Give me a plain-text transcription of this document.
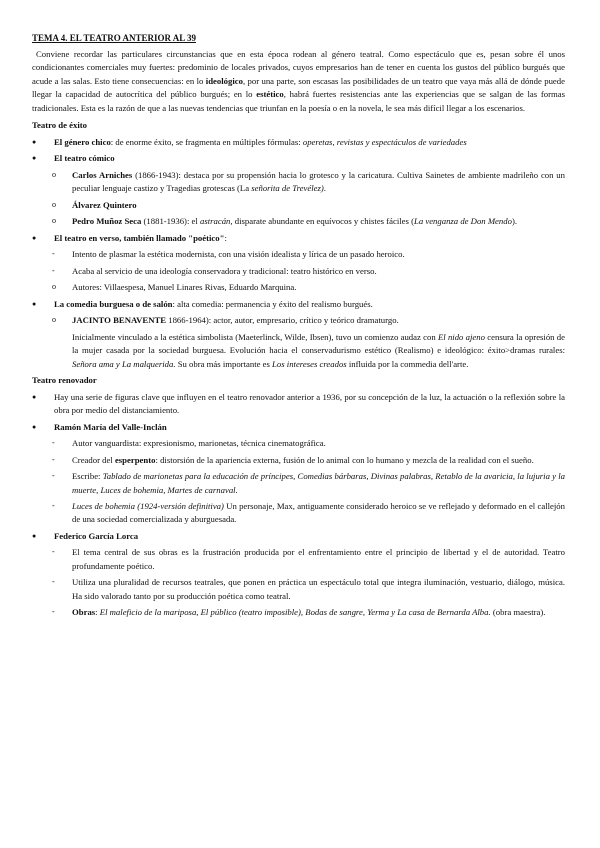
TEMA 4. EL TEATRO ANTERIOR AL 39

Conviene recordar las particulares circunstancias que en esta época rodean al género teatral. Como espectáculo que es, pesan sobre él unos condicionantes comerciales muy fuertes: predominio de locales privados, cuyos empresarios han de tener en cuenta los gustos del público burgués que acude a las salas. Esto tiene consecuencias: en lo ideológico, por una parte, son escasas las posibilidades de un teatro que vaya más allá de dónde puede llegar la capacidad de autocrítica del público burgués; en lo estético, habrá fuertes resistencias ante las experiencias que se salgan de las formas tradicionales. Esta es la razón de que a las nuevas tendencias que triunfan en la poesía o en la novela, le sea más difícil llegar a los escenarios.

Teatro de éxito
● El género chico: de enorme éxito, se fragmenta en múltiples fórmulas: operetas, revistas y espectáculos de variedades
● El teatro cómico
o Carlos Arniches (1866-1943): destaca por su propensión hacia lo grotesco y la caricatura. Cultiva Sainetes de ambiente madrileño con un peculiar lenguaje castizo y Tragedias grotescas (La señorita de Trevélez).
o Álvarez Quintero
o Pedro Muñoz Seca (1881-1936): el astracán, disparate abundante en equívocos y chistes fáciles (La venganza de Don Mendo).
● El teatro en verso, también llamado "poético":
- Intento de plasmar la estética modernista, con una visión idealista y lírica de un pasado heroico.
- Acaba al servicio de una ideología conservadora y tradicional: teatro histórico en verso.
o Autores: Villaespesa, Manuel Linares Rivas, Eduardo Marquina.
● La comedia burguesa o de salón: alta comedia: permanencia y éxito del realismo burgués.
o JACINTO BENAVENTE 1866-1964): actor, autor, empresario, crítico y teórico dramaturgo.
Inicialmente vinculado a la estética simbolista (Maeterlinck, Wilde, Ibsen), tuvo un comienzo audaz con El nido ajeno censura la opresión de la mujer casada por la sociedad burguesa. Evolución hacia el conservadurismo estético (Realismo) e ideológico: éxito>dramas rurales: Señora ama y La malquerida. Su obra más importante es Los intereses creados influida por la commedia dell'arte.
Teatro renovador
● Hay una serie de figuras clave que influyen en el teatro renovador anterior a 1936, por su concepción de la luz, la actuación o la reflexión sobre la obra por medio del distanciamiento.
● Ramón María del Valle-Inclán
- Autor vanguardista: expresionismo, marionetas, técnica cinematográfica.
- Creador del esperpento: distorsión de la apariencia externa, fusión de lo animal con lo humano y mezcla de la realidad con el sueño.
- Escribe: Tablado de marionetas para la educación de príncipes, Comedias bárbaras, Divinas palabras, Retablo de la avaricia, la lujuria y la muerte, Luces de bohemia, Martes de carnaval.
- Luces de bohemia (1924-versión definitiva) Un personaje, Max, antiguamente considerado heroico se ve reflejado y deformado en el callejón de una sociedad comercializada y aburguesada.
● Federico García Lorca
- El tema central de sus obras es la frustración producida por el enfrentamiento entre el principio de libertad y el de autoridad. Teatro profundamente poético.
- Utiliza una pluralidad de recursos teatrales, que ponen en práctica un espectáculo total que integra iluminación, vestuario, diálogo, música. Ha sido valorado tanto por su producción poética como teatral.
- Obras: El maleficio de la mariposa, El público (teatro imposible), Bodas de sangre, Yerma y La casa de Bernarda Alba. (obra maestra).
